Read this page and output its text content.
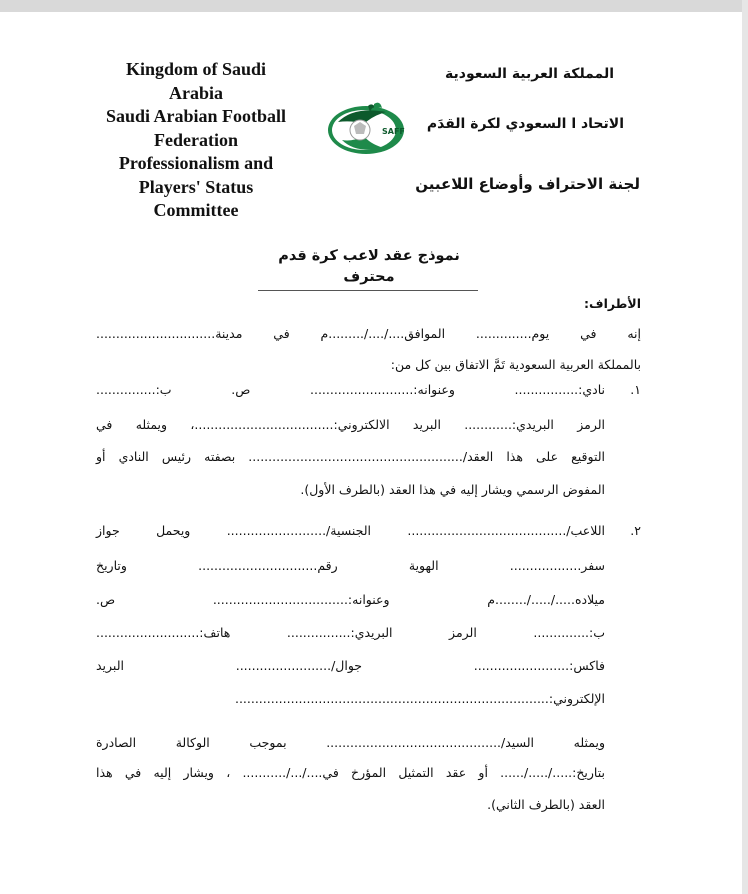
Kingdom of Saudi
Arabia
Saudi Arabian Football
Federation
Professionalism and
Players' Status
Committee
SAFF
المملكة العربية السعودية
الاتحاد ا السعودي لكرة القدَم
لجنة الاحتراف وأوضاع اللاعبين
نموذج عقد لاعب كرة قدم
محترف
الأطراف:
إنه في يوم.............. الموافق..../..../.........م في مدينة..............................
بالمملكة العربية السعودية تَمَّ الاتفاق بين كل من:
١.
نادي:................ وعنوانه:.......................... ص. ب:...............
الرمز البريدي:............ البريد الالكتروني:...................................، ويمثله في
التوقيع على هذا العقد/...................................................... بصفته رئيس النادي أو
المفوض الرسمي ويشار إليه في هذا العقد (بالطرف الأول).
٢.
اللاعب/........................................ الجنسية/......................... ويحمل جواز
سفر.................. الهوية رقم.............................. وتاريخ
ميلاده...../...../........م وعنوانه:.................................. ص.
ب:.............. الرمز البريدي:................ هاتف:..........................
فاكس:........................ جوال/........................ البريد
الإلكتروني:...............................................................................
ويمثله السيد/............................................ بموجب الوكالة الصادرة
بتاريخ:...../...../...... أو عقد التمثيل المؤرخ في..../.../........... ، ويشار إليه في هذا
العقد (بالطرف الثاني).
